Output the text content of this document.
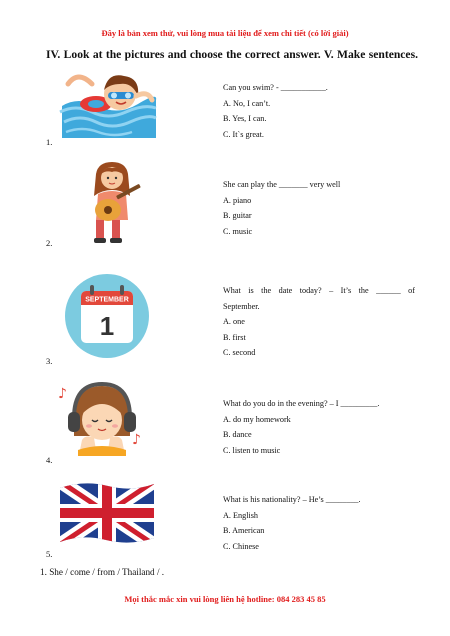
Đây là bản xem thử, vui lòng mua tài liệu để xem chi tiết (có lời giải)
IV. Look at the pictures and choose the correct answer. V. Make sentences.
1.
Can you swim? - ___________.
A. No, I can’t.
B. Yes, I can.
C. It`s great.
2.
She can play the _______ very well
A. piano
B. guitar
C. music
SEPTEMBER
1
3.
What is the date today? – It’s the ______ of
September.
A. one
B. first
C. second
♪
♪
4.
What do you do in the evening? – I _________.
A. do my homework
B. dance
C. listen to music
5.
What is his nationality? – He’s ________.
A. English
B. American
C. Chinese
1. She / come / from / Thailand / .
Mọi thắc mắc xin vui lòng liên hệ hotline: 084 283 45 85
